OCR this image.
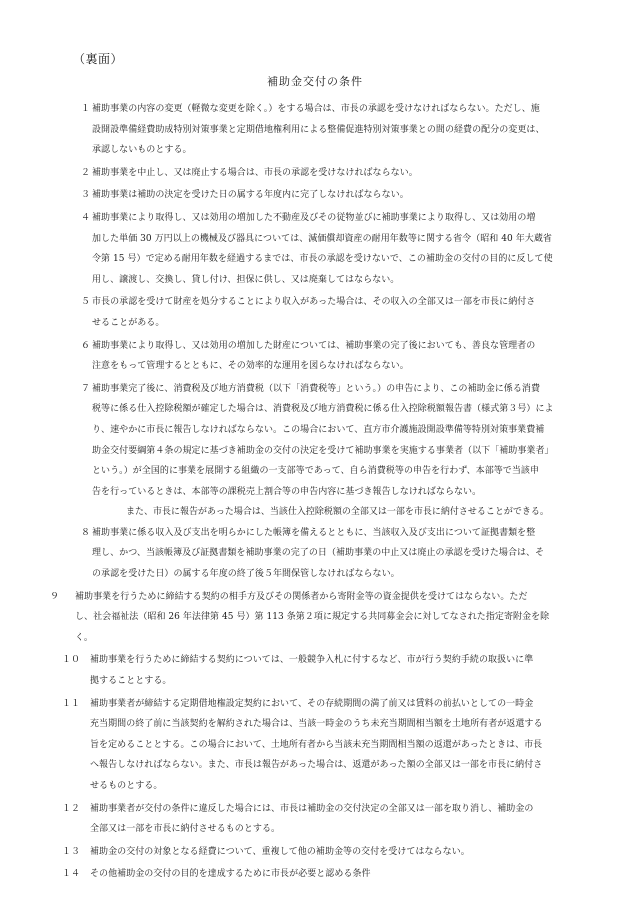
（裏面）
補助金交付の条件
１ 補助事業の内容の変更（軽微な変更を除く。）をする場合は、市長の承認を受けなければならない。ただし、施
設開設準備経費助成特別対策事業と定期借地権利用による整備促進特別対策事業との間の経費の配分の変更は、
承認しないものとする。
２ 補助事業を中止し、又は廃止する場合は、市長の承認を受けなければならない。
３ 補助事業は補助の決定を受けた日の属する年度内に完了しなければならない。
４ 補助事業により取得し、又は効用の増加した不動産及びその従物並びに補助事業により取得し、又は効用の増
加した単価 30 万円以上の機械及び器具については、減価償却資産の耐用年数等に関する省令（昭和 40 年大蔵省
令第 15 号）で定める耐用年数を経過するまでは、市長の承認を受けないで、この補助金の交付の目的に反して使
用し、譲渡し、交換し、貸し付け、担保に供し、又は廃棄してはならない。
５ 市長の承認を受けて財産を処分することにより収入があった場合は、その収入の全部又は一部を市長に納付さ
せることがある。
６ 補助事業により取得し、又は効用の増加した財産については、補助事業の完了後においても、善良な管理者の
注意をもって管理するとともに、その効率的な運用を図らなければならない。
７ 補助事業完了後に、消費税及び地方消費税（以下「消費税等」という。）の申告により、この補助金に係る消費
税等に係る仕入控除税額が確定した場合は、消費税及び地方消費税に係る仕入控除税額報告書（様式第３号）によ
り、速やかに市長に報告しなければならない。この場合において、直方市介護施設開設準備等特別対策事業費補
助金交付要綱第４条の規定に基づき補助金の交付の決定を受けて補助事業を実施する事業者（以下「補助事業者」
という。）が全国的に事業を展開する組織の一支部等であって、自ら消費税等の申告を行わず、本部等で当該申
告を行っているときは、本部等の課税売上割合等の申告内容に基づき報告しなければならない。
また、市長に報告があった場合は、当該仕入控除税額の全部又は一部を市長に納付させることができる。
８ 補助事業に係る収入及び支出を明らかにした帳簿を備えるとともに、当該収入及び支出について証拠書類を整
理し、かつ、当該帳簿及び証拠書類を補助事業の完了の日（補助事業の中止又は廃止の承認を受けた場合は、そ
の承認を受けた日）の属する年度の終了後５年間保管しなければならない。
９	補助事業を行うために締結する契約の相手方及びその関係者から寄附金等の資金提供を受けてはならない。ただ
し、社会福祉法（昭和 26 年法律第 45 号）第 113 条第２項に規定する共同募金会に対してなされた指定寄附金を除
く。
１０	補助事業を行うために締結する契約については、一般競争入札に付するなど、市が行う契約手続の取扱いに準
拠することとする。
１１	補助事業者が締結する定期借地権設定契約において、その存続期間の満了前又は賃料の前払いとしての一時金
充当期間の終了前に当該契約を解約された場合は、当該一時金のうち未充当期間相当額を土地所有者が返還する
旨を定めることとする。この場合において、土地所有者から当該未充当期間相当額の返還があったときは、市長
へ報告しなければならない。また、市長は報告があった場合は、返還があった額の全部又は一部を市長に納付さ
せるものとする。
１２	補助事業者が交付の条件に違反した場合には、市長は補助金の交付決定の全部又は一部を取り消し、補助金の
全部又は一部を市長に納付させるものとする。
１３	補助金の交付の対象となる経費について、重複して他の補助金等の交付を受けてはならない。
１４	その他補助金の交付の目的を達成するために市長が必要と認める条件
